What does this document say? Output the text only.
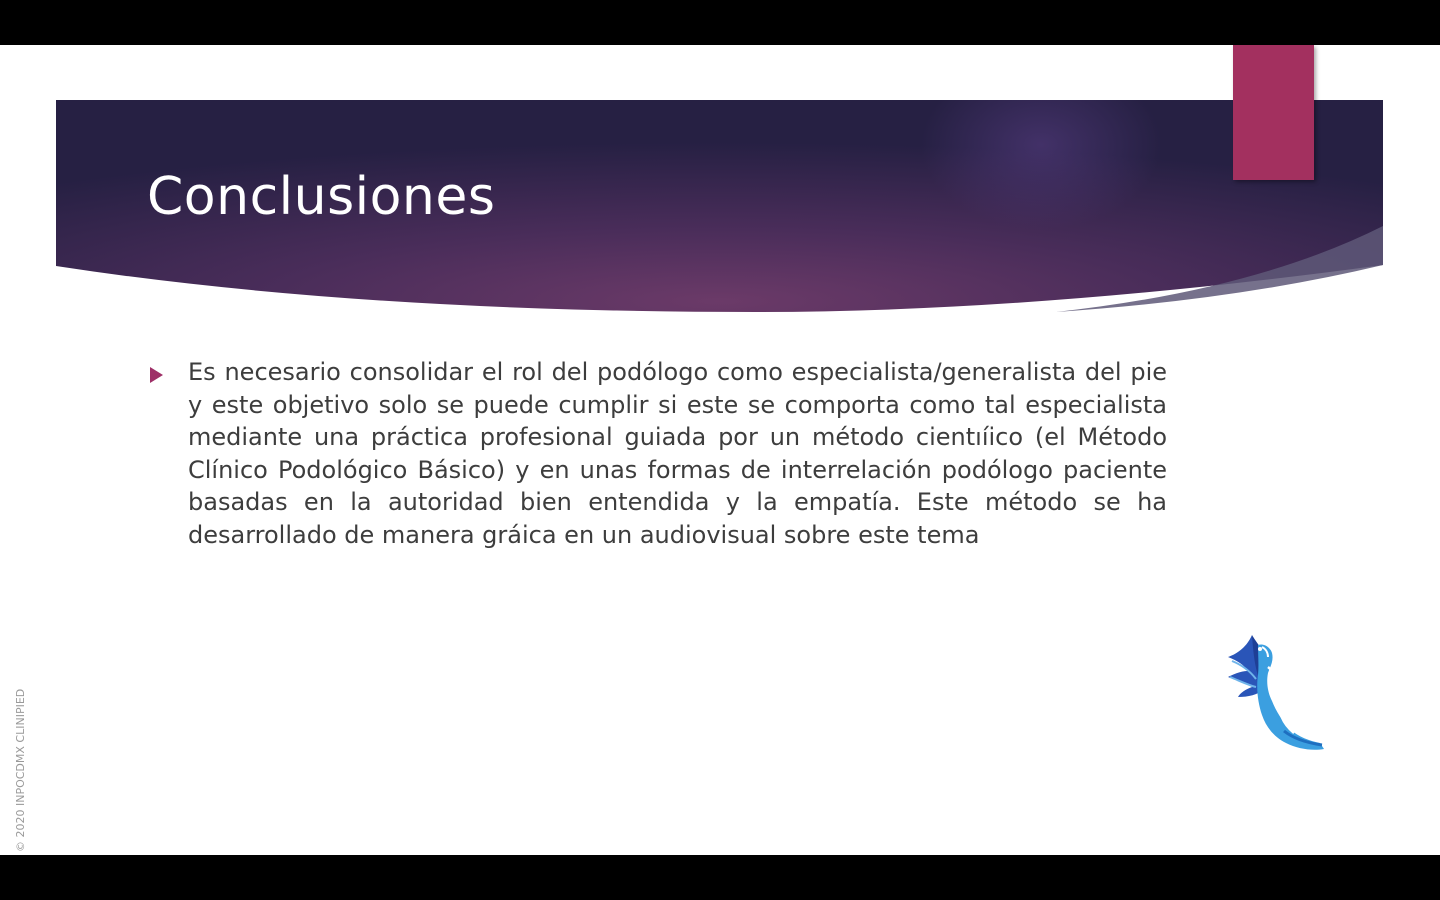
Conclusiones
Es necesario consolidar el rol del podólogo como especialista/generalista del pie y este objetivo solo se puede cumplir si este se comporta como tal especialista mediante una práctica profesional guiada por un método cientıíico (el Método Clínico Podológico Básico) y en unas formas de interrelación podólogo paciente basadas en la autoridad bien entendida y la empatía. Este método se ha desarrollado de manera gráica en un audiovisual sobre este tema
© 2020 INPOCDMX CLINIPIED
